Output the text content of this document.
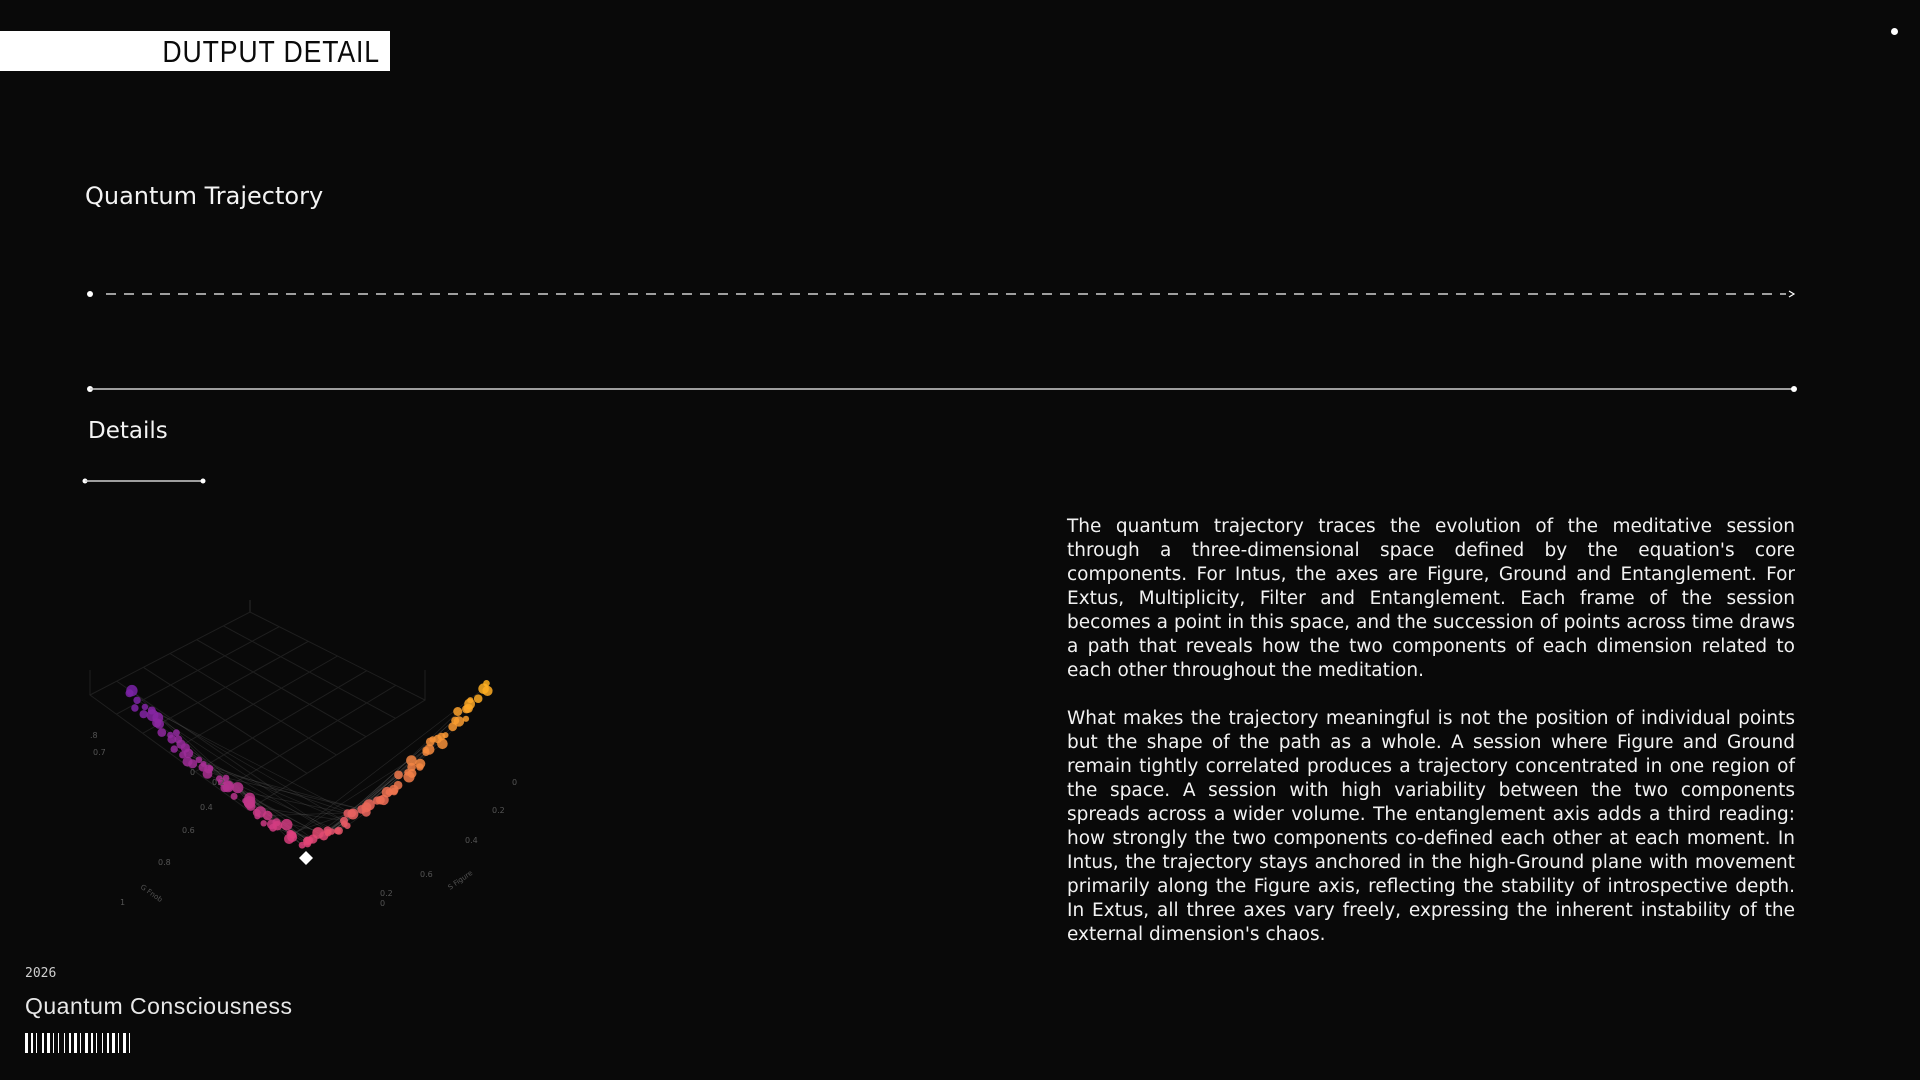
DUTPUT DETAIL
Quantum Trajectory
Details
1
0.8
0.6
0.4
0.2
0
0.7
.8
0
0.2
0.4
0.6
0.2
0
G Fnob
S Figure

The quantum trajectory traces the evolution of the meditative session through a three-dimensional space defined by the equation's core components. For Intus, the axes are Figure, Ground and Entanglement. For Extus, Multiplicity, Filter and Entanglement. Each frame of the session becomes a point in this space, and the succession of points across time draws a path that reveals how the two components of each dimension related to each other throughout the meditation.

What makes the trajectory meaningful is not the position of individual points but the shape of the path as a whole. A session where Figure and Ground remain tightly correlated produces a trajectory concentrated in one region of the space. A session with high variability between the two components spreads across a wider volume. The entanglement axis adds a third reading: how strongly the two components co-defined each other at each moment. In Intus, the trajectory stays anchored in the high-Ground plane with movement primarily along the Figure axis, reflecting the stability of introspective depth. In Extus, all three axes vary freely, expressing the inherent instability of the external dimension's chaos.

2026
Quantum Consciousness
